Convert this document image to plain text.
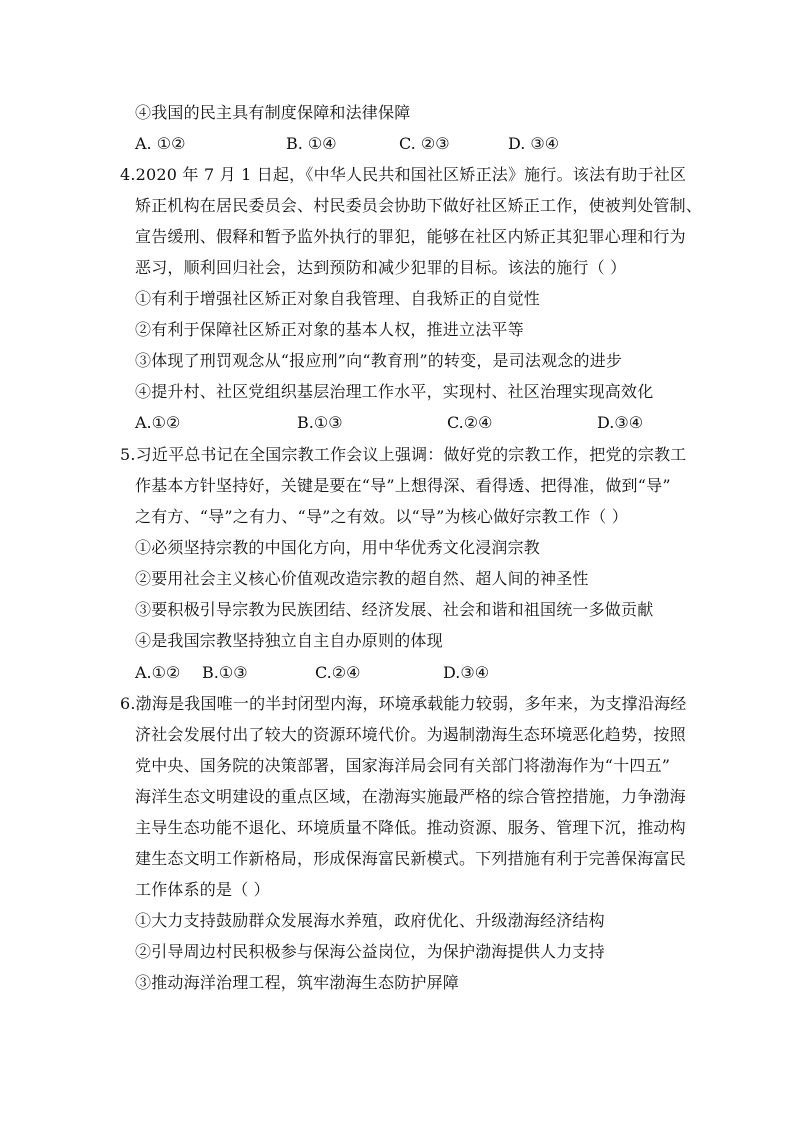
④我国的民主具有制度保障和法律保障
A. ①②	B. ①④	C. ②③	D. ③④
4.2020 年 7 月 1 日起，《中华人民共和国社区矫正法》施行。该法有助于社区
矫正机构在居民委员会、村民委员会协助下做好社区矫正工作，使被判处管制、
宣告缓刑、假释和暂予监外执行的罪犯，能够在社区内矫正其犯罪心理和行为
恶习，顺利回归社会，达到预防和减少犯罪的目标。该法的施行（ ）
①有利于增强社区矫正对象自我管理、自我矫正的自觉性
②有利于保障社区矫正对象的基本人权，推进立法平等
③体现了刑罚观念从“报应刑”向“教育刑”的转变，是司法观念的进步
④提升村、社区党组织基层治理工作水平，实现村、社区治理实现高效化
A.①②	B.①③	C.②④	D.③④
5.习近平总书记在全国宗教工作会议上强调：做好党的宗教工作，把党的宗教工
作基本方针坚持好，关键是要在“导”上想得深、看得透、把得准，做到“导”
之有方、“导”之有力、“导”之有效。以“导”为核心做好宗教工作（ ）
①必须坚持宗教的中国化方向，用中华优秀文化浸润宗教
②要用社会主义核心价值观改造宗教的超自然、超人间的神圣性
③要积极引导宗教为民族团结、经济发展、社会和谐和祖国统一多做贡献
④是我国宗教坚持独立自主自办原则的体现
A.①② B.①③	C.②④	D.③④
6.渤海是我国唯一的半封闭型内海，环境承载能力较弱，多年来，为支撑沿海经
济社会发展付出了较大的资源环境代价。为遏制渤海生态环境恶化趋势，按照
党中央、国务院的决策部署，国家海洋局会同有关部门将渤海作为“十四五”
海洋生态文明建设的重点区域，在渤海实施最严格的综合管控措施，力争渤海
主导生态功能不退化、环境质量不降低。推动资源、服务、管理下沉，推动构
建生态文明工作新格局，形成保海富民新模式。下列措施有利于完善保海富民
工作体系的是（ ）
①大力支持鼓励群众发展海水养殖，政府优化、升级渤海经济结构
②引导周边村民积极参与保海公益岗位，为保护渤海提供人力支持
③推动海洋治理工程，筑牢渤海生态防护屏障
